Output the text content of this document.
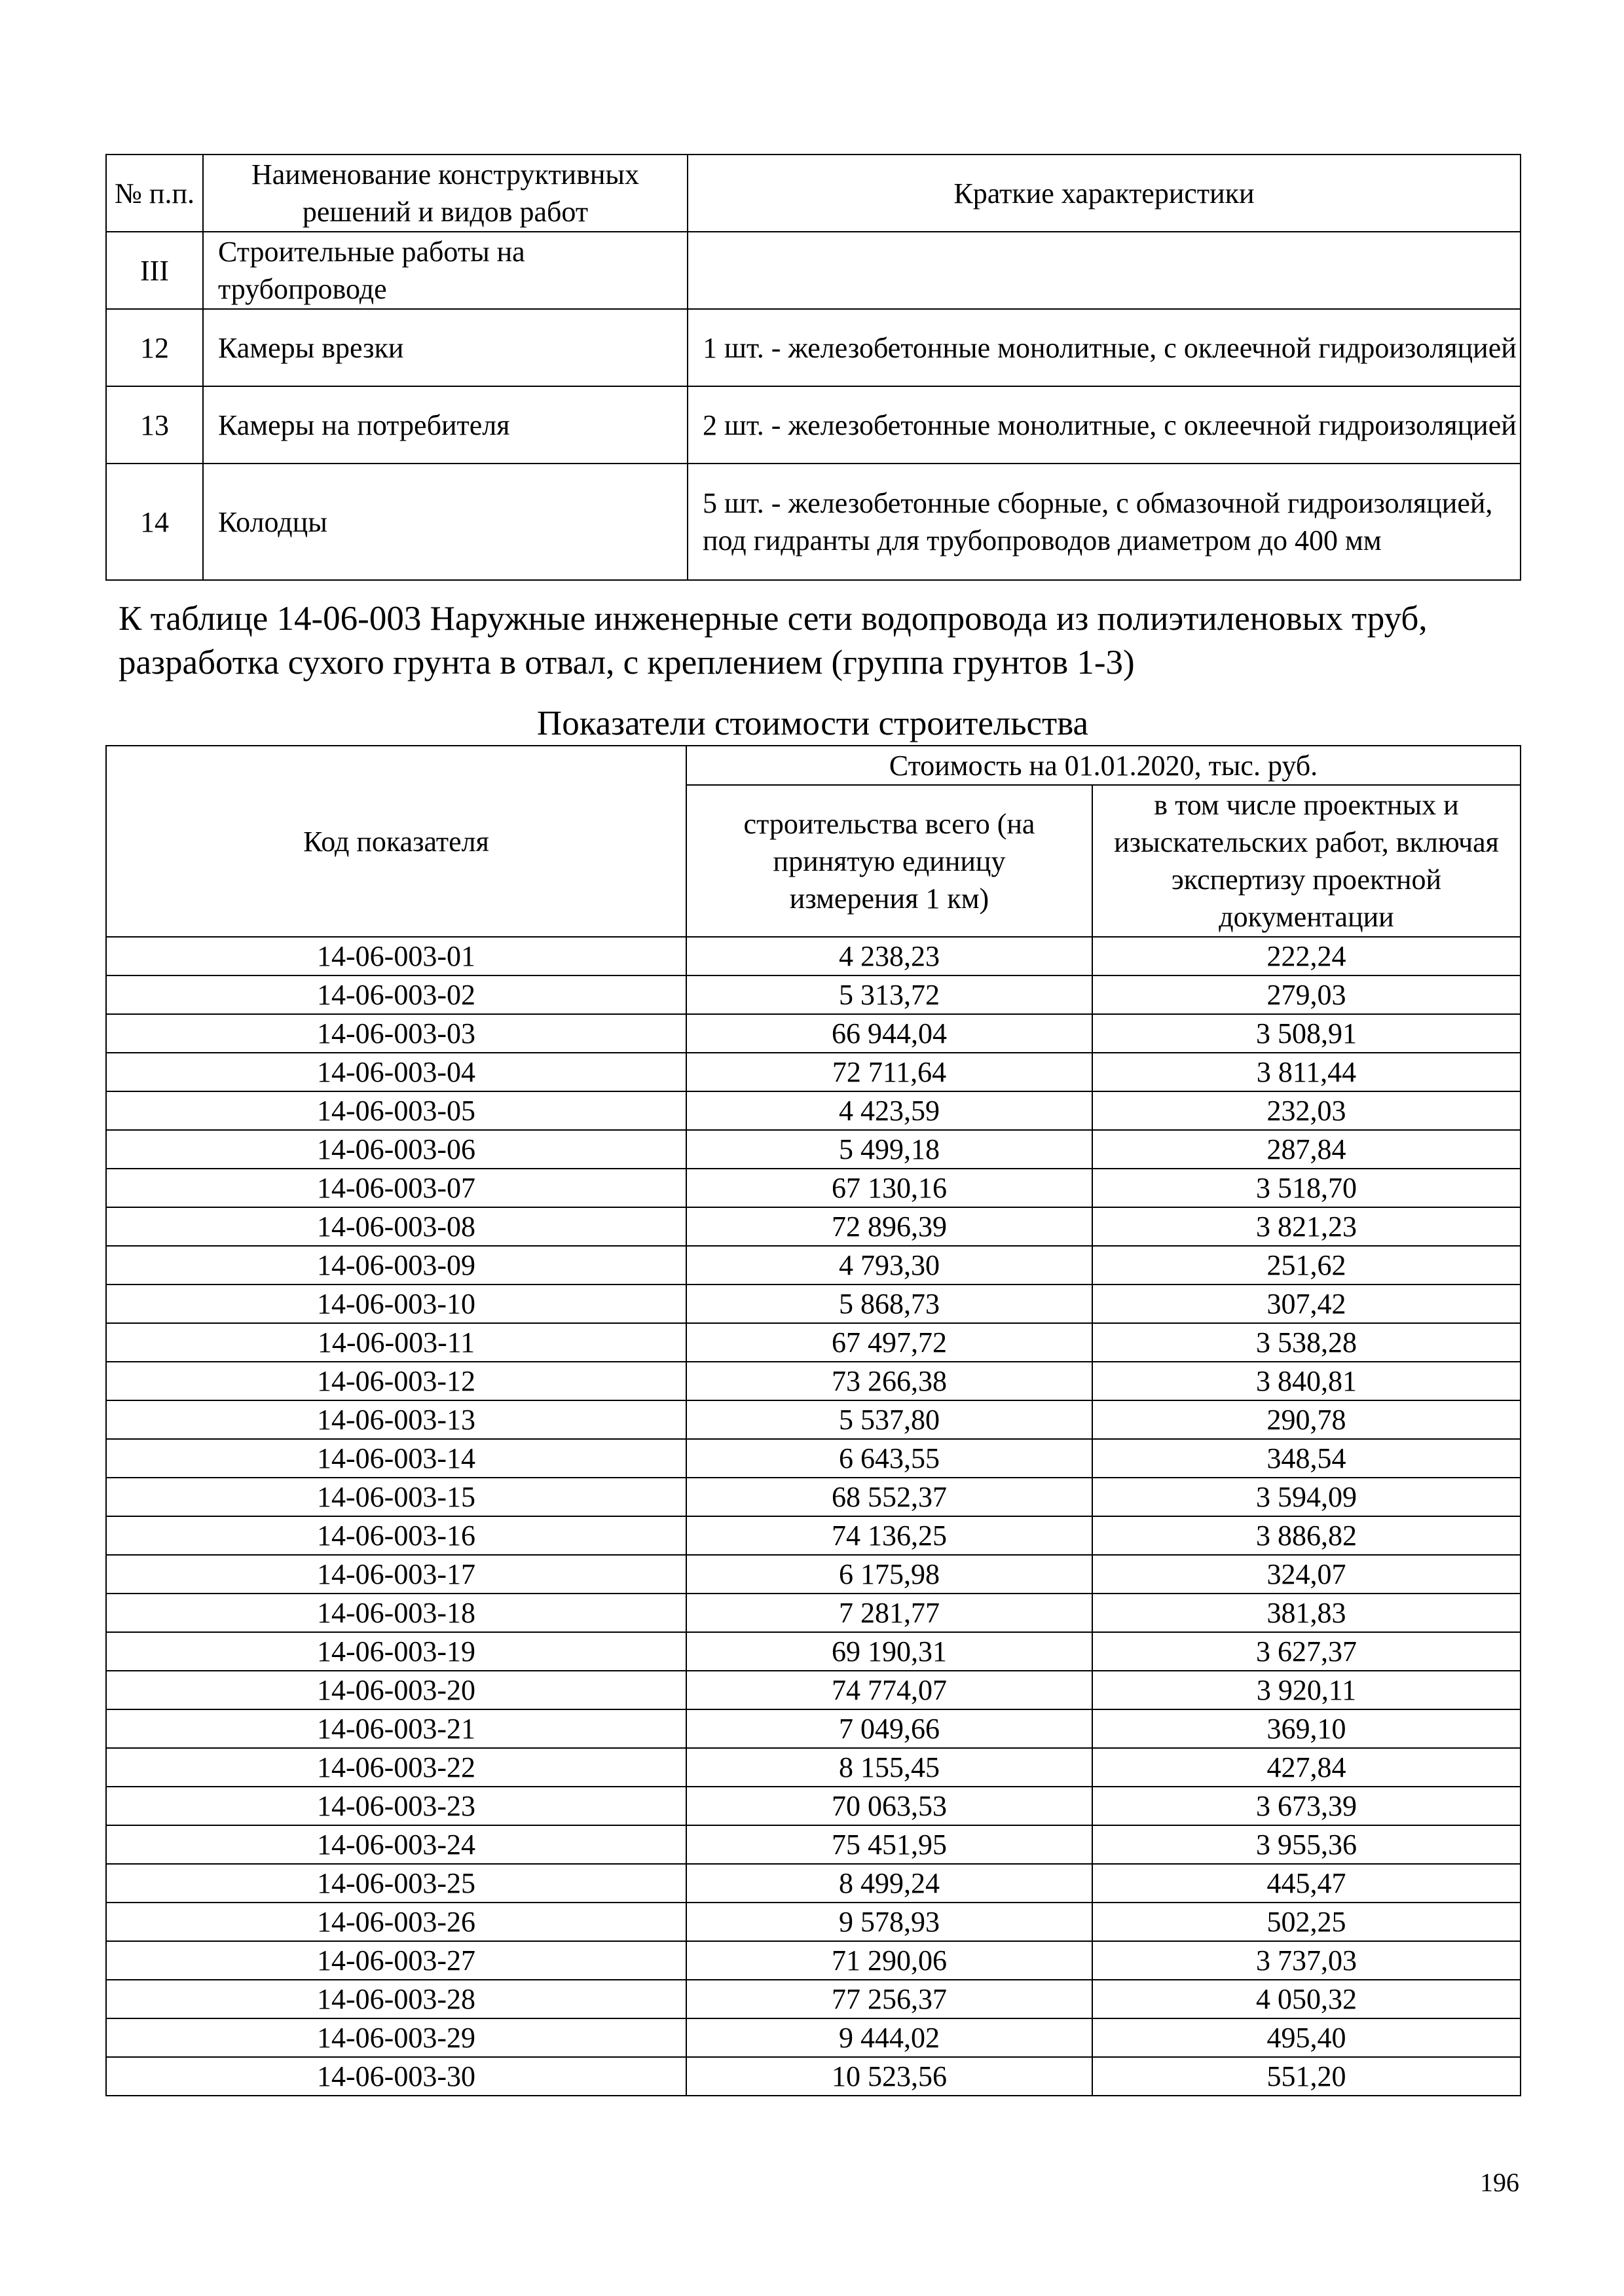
№ п.п.	Наименование конструктивных решений и видов работ	Краткие характеристики
III	Строительные работы на трубопроводе	
12	Камеры врезки	1 шт. - железобетонные монолитные, с оклеечной гидроизоляцией
13	Камеры на потребителя	2 шт. - железобетонные монолитные, с оклеечной гидроизоляцией
14	Колодцы	5 шт. - железобетонные сборные, с обмазочной гидроизоляцией, под гидранты для трубопроводов диаметром до 400 мм

К таблице 14-06-003 Наружные инженерные сети водопровода из полиэтиленовых труб, разработка сухого грунта в отвал, с креплением (группа грунтов 1-3)

Показатели стоимости строительства

Код показателя	Стоимость на 01.01.2020, тыс. руб.	
	строительства всего (на принятую единицу измерения 1 км)	в том числе проектных и изыскательских работ, включая экспертизу проектной документации
14-06-003-01	4 238,23	222,24
14-06-003-02	5 313,72	279,03
14-06-003-03	66 944,04	3 508,91
14-06-003-04	72 711,64	3 811,44
14-06-003-05	4 423,59	232,03
14-06-003-06	5 499,18	287,84
14-06-003-07	67 130,16	3 518,70
14-06-003-08	72 896,39	3 821,23
14-06-003-09	4 793,30	251,62
14-06-003-10	5 868,73	307,42
14-06-003-11	67 497,72	3 538,28
14-06-003-12	73 266,38	3 840,81
14-06-003-13	5 537,80	290,78
14-06-003-14	6 643,55	348,54
14-06-003-15	68 552,37	3 594,09
14-06-003-16	74 136,25	3 886,82
14-06-003-17	6 175,98	324,07
14-06-003-18	7 281,77	381,83
14-06-003-19	69 190,31	3 627,37
14-06-003-20	74 774,07	3 920,11
14-06-003-21	7 049,66	369,10
14-06-003-22	8 155,45	427,84
14-06-003-23	70 063,53	3 673,39
14-06-003-24	75 451,95	3 955,36
14-06-003-25	8 499,24	445,47
14-06-003-26	9 578,93	502,25
14-06-003-27	71 290,06	3 737,03
14-06-003-28	77 256,37	4 050,32
14-06-003-29	9 444,02	495,40
14-06-003-30	10 523,56	551,20
196
